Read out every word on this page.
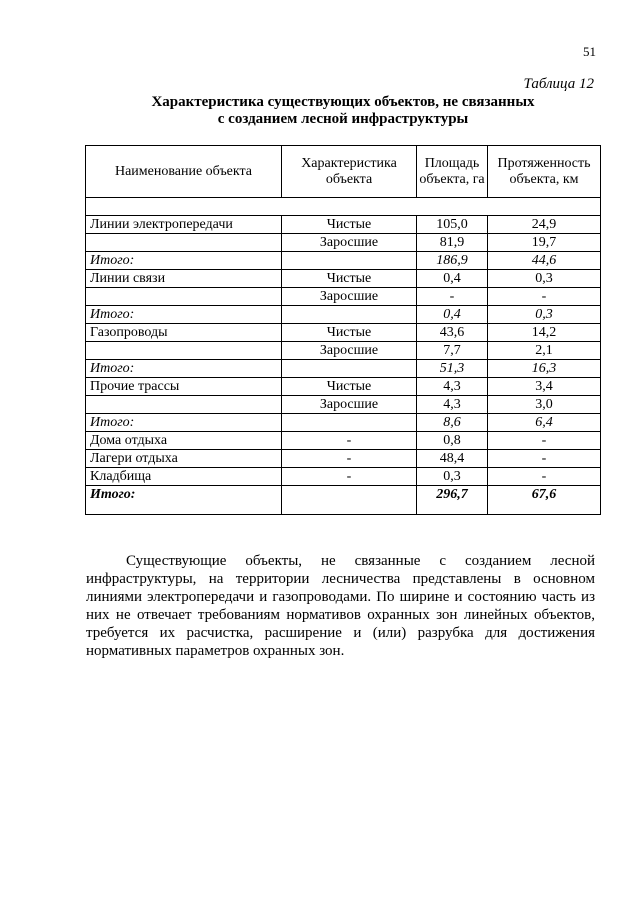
51
Таблица 12
Характеристика существующих объектов, не связанных
с созданием лесной инфраструктуры
Наименование объекта	Характеристика объекта	Площадь объекта, га	Протяженность объекта, км

Линии электропередачи	Чистые	105,0	24,9
	Заросшие	81,9	19,7
Итого:		186,9	44,6
Линии связи	Чистые	0,4	0,3
	Заросшие	-	-
Итого:		0,4	0,3
Газопроводы	Чистые	43,6	14,2
	Заросшие	7,7	2,1
Итого:		51,3	16,3
Прочие трассы	Чистые	4,3	3,4
	Заросшие	4,3	3,0
Итого:		8,6	6,4
Дома отдыха	-	0,8	-
Лагери отдыха	-	48,4	-
Кладбища	-	0,3	-
Итого:		296,7	67,6

Существующие объекты, не связанные с созданием лесной инфраструктуры, на территории лесничества представлены в основном линиями электропередачи и газопроводами. По ширине и состоянию часть из них не отвечает требованиям нормативов охранных зон линейных объектов, требуется их расчистка, расширение и (или) разрубка для достижения нормативных параметров охранных зон.
